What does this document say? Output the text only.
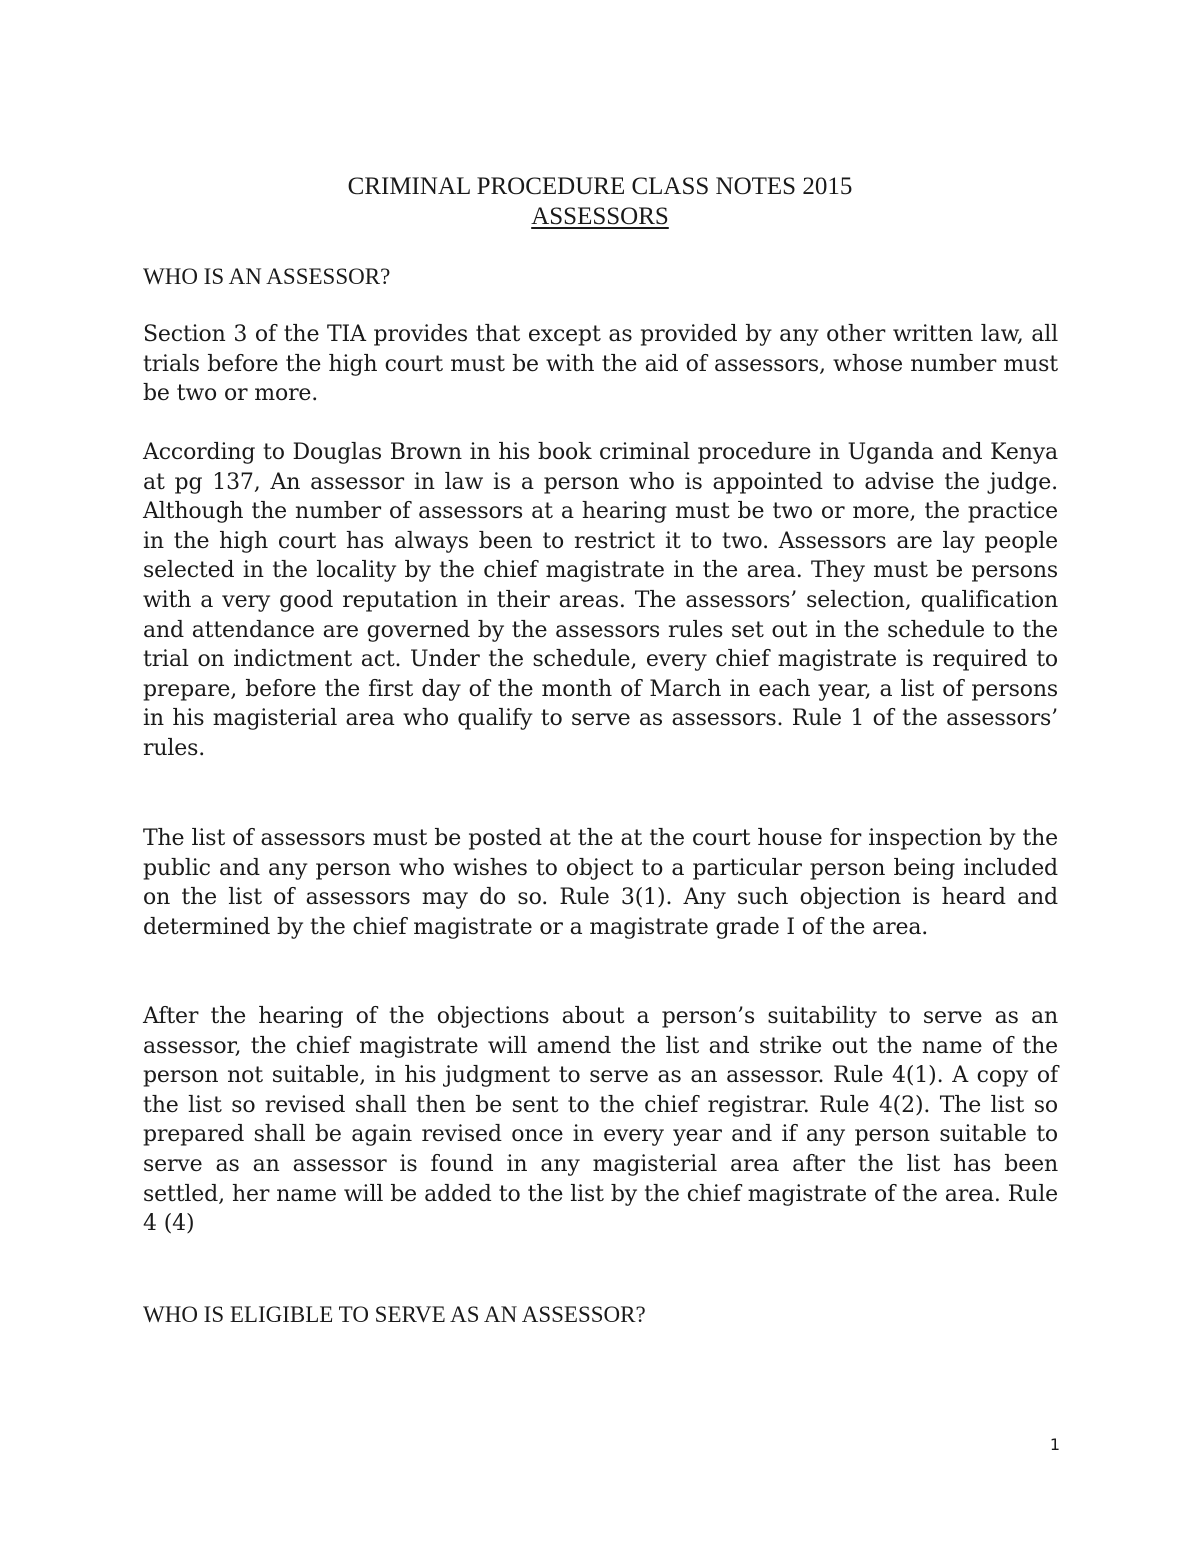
CRIMINAL PROCEDURE CLASS NOTES 2015
ASSESSORS
WHO IS AN ASSESSOR?

Section 3 of the TIA provides that except as provided by any other written law, all trials before the high court must be with the aid of assessors, whose number must be two or more.

According to Douglas Brown in his book criminal procedure in Uganda and Kenya at pg 137, An assessor in law is a person who is appointed to advise the judge. Although the number of assessors at a hearing must be two or more, the practice in the high court has always been to restrict it to two. Assessors are lay people selected in the locality by the chief magistrate in the area. They must be persons with a very good reputation in their areas. The assessors’ selection, qualification and attendance are governed by the assessors rules set out in the schedule to the trial on indictment act. Under the schedule, every chief magistrate is required to prepare, before the first day of the month of March in each year, a list of persons in his magisterial area who qualify to serve as assessors. Rule 1 of the assessors’ rules.

The list of assessors must be posted at the at the court house for inspection by the public and any person who wishes to object to a particular person being included on the list of assessors may do so. Rule 3(1). Any such objection is heard and determined by the chief magistrate or a magistrate grade I of the area.

After the hearing of the objections about a person’s suitability to serve as an assessor, the chief magistrate will amend the list and strike out the name of the person not suitable, in his judgment to serve as an assessor. Rule 4(1). A copy of the list so revised shall then be sent to the chief registrar. Rule 4(2). The list so prepared shall be again revised once in every year and if any person suitable to serve as an assessor is found in any magisterial area after the list has been settled, her name will be added to the list by the chief magistrate of the area. Rule 4 (4)

WHO IS ELIGIBLE TO SERVE AS AN ASSESSOR?
1
